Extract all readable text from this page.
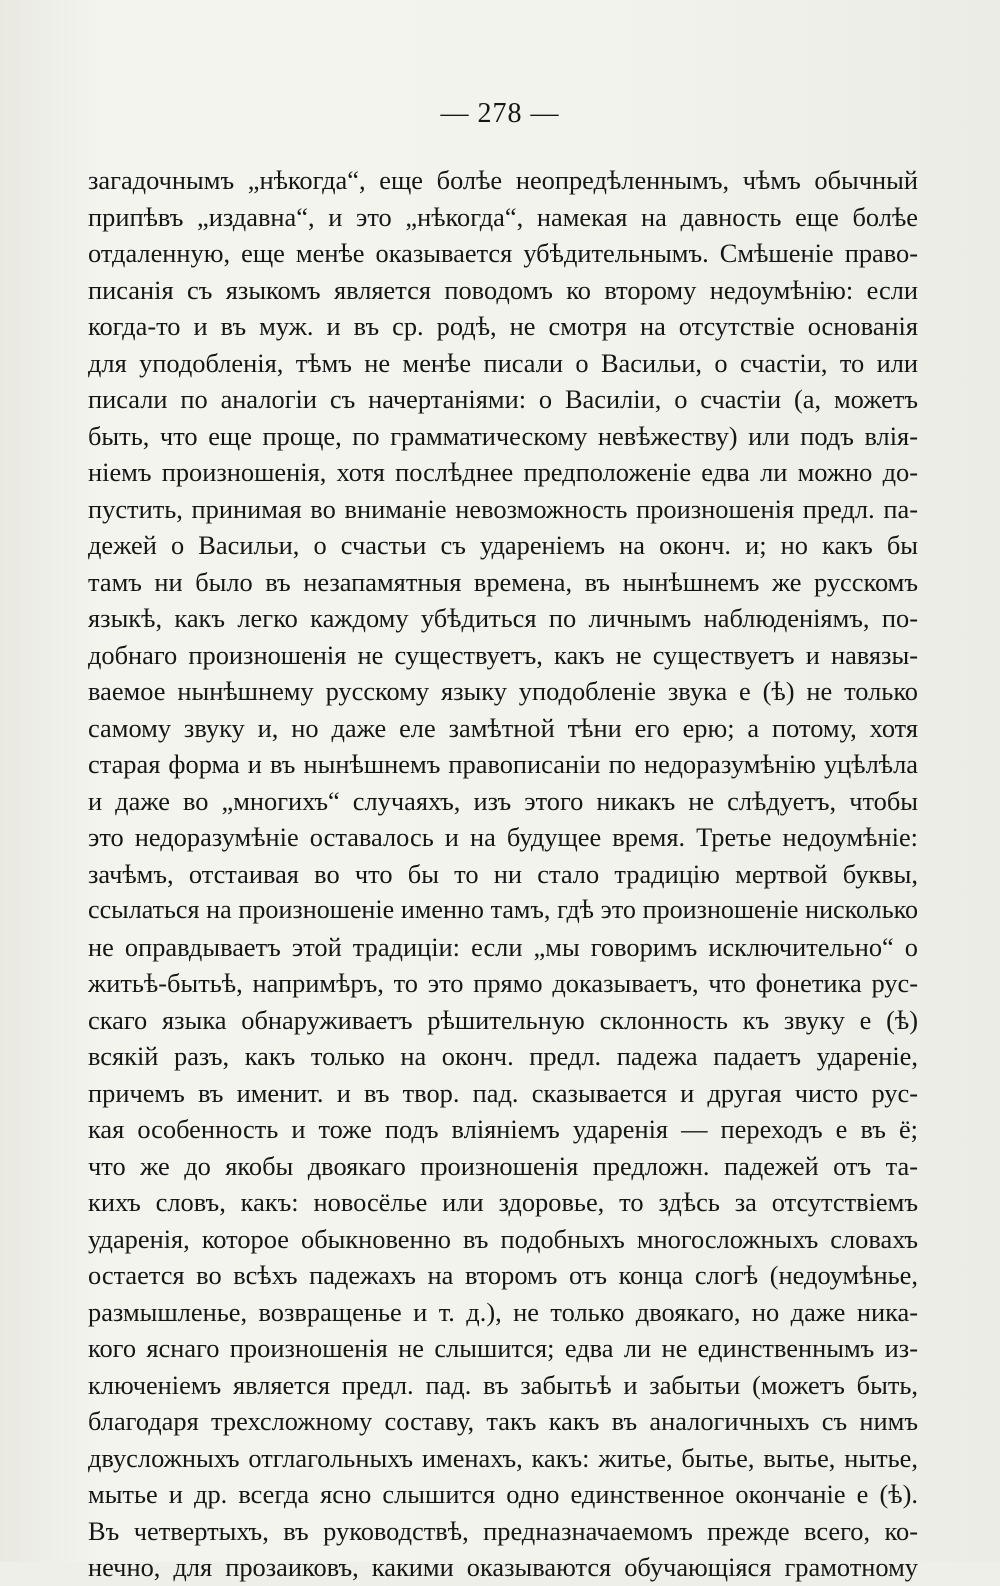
— 278 —
загадочнымъ „нѣкогда“, еще болѣе неопредѣленнымъ, чѣмъ обычный
припѣвъ „издавна“, и это „нѣкогда“, намекая на давность еще болѣе
отдаленную, еще менѣе оказывается убѣдительнымъ. Смѣшеніе право-
писанія съ языкомъ является поводомъ ко второму недоумѣнію: если
когда-то и въ муж. и въ ср. родѣ, не смотря на отсутствіе основанія
для уподобленія, тѣмъ не менѣе писали о Васильи, о счастіи, то или
писали по аналогіи съ начертаніями: о Василіи, о счастіи (а, можетъ
быть, что еще проще, по грамматическому невѣжеству) или подъ влія-
ніемъ произношенія, хотя послѣднее предположеніе едва ли можно до-
пустить, принимая во вниманіе невозможность произношенія предл. па-
дежей о Васильи, о счастьи съ удареніемъ на оконч. и; но какъ бы
тамъ ни было въ незапамятныя времена, въ нынѣшнемъ же русскомъ
языкѣ, какъ легко каждому убѣдиться по личнымъ наблюденіямъ, по-
добнаго произношенія не существуетъ, какъ не существуетъ и навязы-
ваемое нынѣшнему русскому языку уподобленіе звука е (ѣ) не только
самому звуку и, но даже еле замѣтной тѣни его ерю; а потому, хотя
старая форма и въ нынѣшнемъ правописаніи по недоразумѣнію уцѣлѣла
и даже во „многихъ“ случаяхъ, изъ этого никакъ не слѣдуетъ, чтобы
это недоразумѣніе оставалось и на будущее время. Третье недоумѣніе:
зачѣмъ, отстаивая во что бы то ни стало традицію мертвой буквы,
ссылаться на произношеніе именно тамъ, гдѣ это произношеніе нисколько
не оправдываетъ этой традиціи: если „мы говоримъ исключительно“ о
житьѣ-бытьѣ, напримѣръ, то это прямо доказываетъ, что фонетика рус-
скаго языка обнаруживаетъ рѣшительную склонность къ звуку е (ѣ)
всякій разъ, какъ только на оконч. предл. падежа падаетъ удареніе,
причемъ въ именит. и въ твор. пад. сказывается и другая чисто рус-
кая особенность и тоже подъ вліяніемъ ударенія — переходъ е въ ё;
что же до якобы двоякаго произношенія предложн. падежей отъ та-
кихъ словъ, какъ: новосёлье или здоровье, то здѣсь за отсутствіемъ
ударенія, которое обыкновенно въ подобныхъ многосложныхъ словахъ
остается во всѣхъ падежахъ на второмъ отъ конца слогѣ (недоумѣнье,
размышленье, возвращенье и т. д.), не только двоякаго, но даже ника-
кого яснаго произношенія не слышится; едва ли не единственнымъ из-
ключеніемъ является предл. пад. въ забытьѣ и забытьи (можетъ быть,
благодаря трехсложному составу, такъ какъ въ аналогичныхъ съ нимъ
двусложныхъ отглагольныхъ именахъ, какъ: житье, бытье, вытье, нытье,
мытье и др. всегда ясно слышится одно единственное окончаніе е (ѣ).
Въ четвертыхъ, въ руководствѣ, предназначаемомъ прежде всего, ко-
нечно, для прозаиковъ, какими оказываются обучающіяся грамотному
